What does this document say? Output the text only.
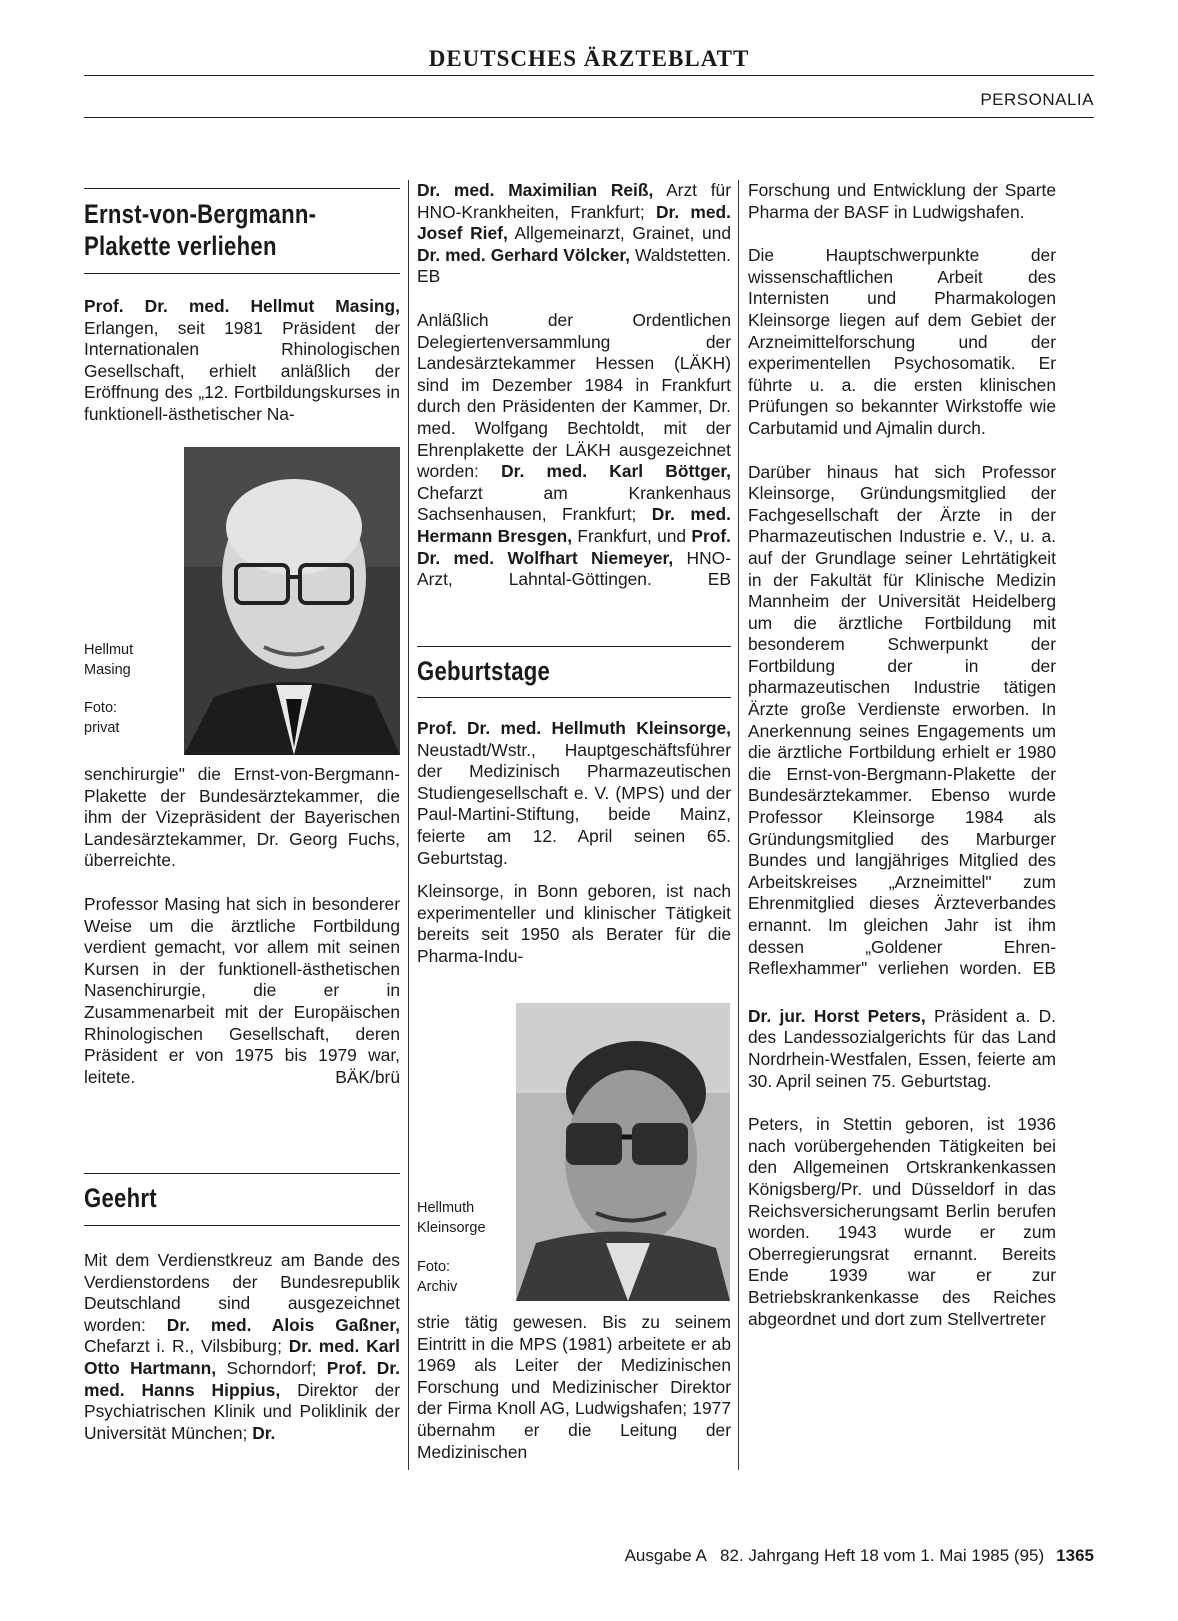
DEUTSCHES ÄRZTEBLATT
PERSONALIA
Ernst-von-Bergmann-
Plakette verliehen

Prof. Dr. med. Hellmut Masing, Erlangen, seit 1981 Präsident der Internationalen Rhinologischen Gesellschaft, erhielt anläßlich der Eröffnung des „12. Fortbildungskurses in funktionell-ästhetischer Na-

Hellmut
Masing
Foto:
privat

senchirurgie" die Ernst-von-Bergmann-Plakette der Bundesärztekammer, die ihm der Vizepräsident der Bayerischen Landesärztekammer, Dr. Georg Fuchs, überreichte.

Professor Masing hat sich in besonderer Weise um die ärztliche Fortbildung verdient gemacht, vor allem mit seinen Kursen in der funktionell-ästhetischen Nasenchirurgie, die er in Zusammenarbeit mit der Europäischen Rhinologischen Gesellschaft, deren Präsident er von 1975 bis 1979 war, leitete.	BÄK/brü

Geehrt

Mit dem Verdienstkreuz am Bande des Verdienstordens der Bundesrepublik Deutschland sind ausgezeichnet worden: Dr. med. Alois Gaßner, Chefarzt i. R., Vilsbiburg; Dr. med. Karl Otto Hartmann, Schorndorf; Prof. Dr. med. Hanns Hippius, Direktor der Psychiatrischen Klinik und Poliklinik der Universität München; Dr.

Dr. med. Maximilian Reiß, Arzt für HNO-Krankheiten, Frankfurt; Dr. med. Josef Rief, Allgemeinarzt, Grainet, und Dr. med. Gerhard Völcker, Waldstetten. EB

Anläßlich der Ordentlichen Delegiertenversammlung der Landesärztekammer Hessen (LÄKH) sind im Dezember 1984 in Frankfurt durch den Präsidenten der Kammer, Dr. med. Wolfgang Bechtoldt, mit der Ehrenplakette der LÄKH ausgezeichnet worden: Dr. med. Karl Böttger, Chefarzt am Krankenhaus Sachsenhausen, Frankfurt; Dr. med. Hermann Bresgen, Frankfurt, und Prof. Dr. med. Wolfhart Niemeyer, HNO-Arzt, Lahntal-Göttingen.	EB

Geburtstage

Prof. Dr. med. Hellmuth Kleinsorge, Neustadt/Wstr., Hauptgeschäftsführer der Medizinisch Pharmazeutischen Studiengesellschaft e. V. (MPS) und der Paul-Martini-Stiftung, beide Mainz, feierte am 12. April seinen 65. Geburtstag.

Kleinsorge, in Bonn geboren, ist nach experimenteller und klinischer Tätigkeit bereits seit 1950 als Berater für die Pharma-Indu-

Hellmuth
Kleinsorge
Foto:
Archiv

strie tätig gewesen. Bis zu seinem Eintritt in die MPS (1981) arbeitete er ab 1969 als Leiter der Medizinischen Forschung und Medizinischer Direktor der Firma Knoll AG, Ludwigshafen; 1977 übernahm er die Leitung der Medizinischen

Forschung und Entwicklung der Sparte Pharma der BASF in Ludwigshafen.

Die Hauptschwerpunkte der wissenschaftlichen Arbeit des Internisten und Pharmakologen Kleinsorge liegen auf dem Gebiet der Arzneimittelforschung und der experimentellen Psychosomatik. Er führte u. a. die ersten klinischen Prüfungen so bekannter Wirkstoffe wie Carbutamid und Ajmalin durch.

Darüber hinaus hat sich Professor Kleinsorge, Gründungsmitglied der Fachgesellschaft der Ärzte in der Pharmazeutischen Industrie e. V., u. a. auf der Grundlage seiner Lehrtätigkeit in der Fakultät für Klinische Medizin Mannheim der Universität Heidelberg um die ärztliche Fortbildung mit besonderem Schwerpunkt der Fortbildung der in der pharmazeutischen Industrie tätigen Ärzte große Verdienste erworben. In Anerkennung seines Engagements um die ärztliche Fortbildung erhielt er 1980 die Ernst-von-Bergmann-Plakette der Bundesärztekammer. Ebenso wurde Professor Kleinsorge 1984 als Gründungsmitglied des Marburger Bundes und langjähriges Mitglied des Arbeitskreises „Arzneimittel" zum Ehrenmitglied dieses Ärzteverbandes ernannt. Im gleichen Jahr ist ihm dessen „Goldener Ehren-Reflexhammer" verliehen worden. EB

Dr. jur. Horst Peters, Präsident a. D. des Landessozialgerichts für das Land Nordrhein-Westfalen, Essen, feierte am 30. April seinen 75. Geburtstag.

Peters, in Stettin geboren, ist 1936 nach vorübergehenden Tätigkeiten bei den Allgemeinen Ortskrankenkassen Königsberg/Pr. und Düsseldorf in das Reichsversicherungsamt Berlin berufen worden. 1943 wurde er zum Oberregierungsrat ernannt. Bereits Ende 1939 war er zur Betriebskrankenkasse des Reiches abgeordnet und dort zum Stellvertreter

Ausgabe A   82. Jahrgang Heft 18 vom 1. Mai 1985 (95) 1365
